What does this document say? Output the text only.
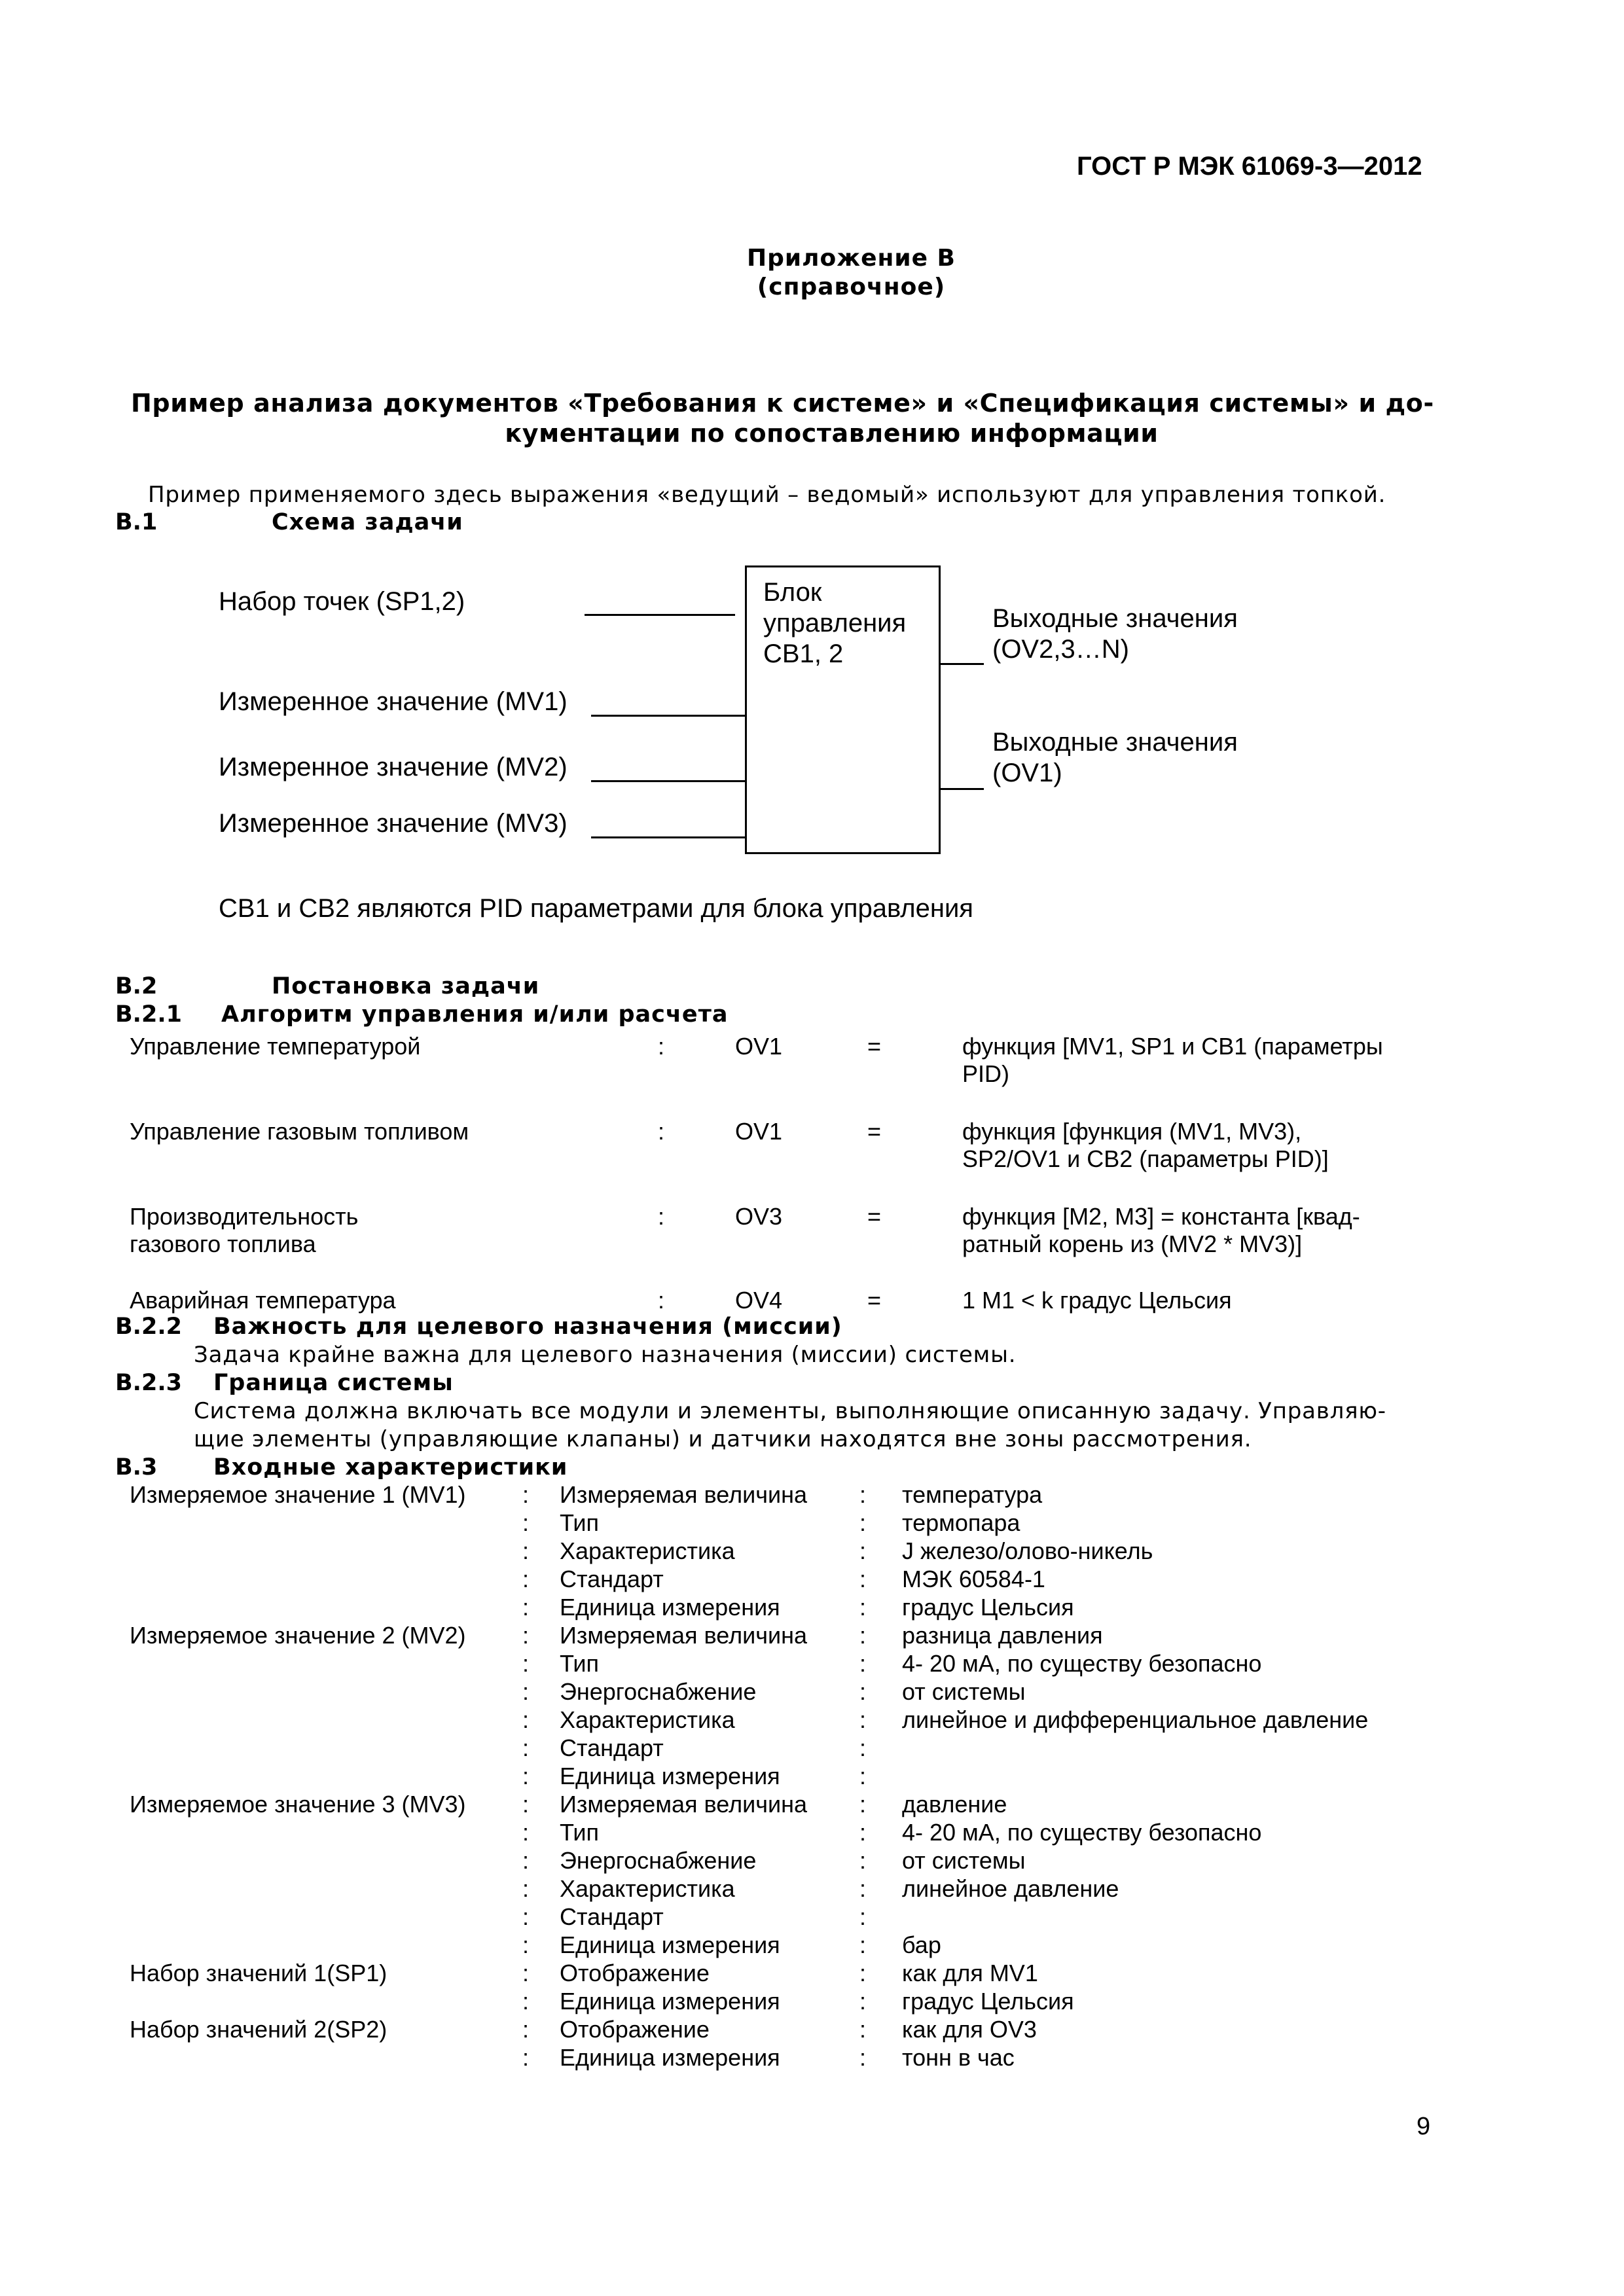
ГОСТ Р МЭК 61069-3—2012
Приложение В
(справочное)
Пример анализа документов «Требования к системе» и «Спецификация системы» и до-
кументации по сопоставлению информации
Пример применяемого здесь выражения «ведущий – ведомый» используют для управления топкой.
В.1	Схема задачи
Набор точек (SP1,2)
Измеренное значение (MV1)
Измеренное значение (MV2)
Измеренное значение (MV3)
Блок
управления
CB1, 2
Выходные значения
(OV2,3…N)
Выходные значения
(OV1)
CB1 и CB2 являются PID параметрами для блока управления
В.2	Постановка задачи
В.2.1 Алгоритм управления и/или расчета
Управление температурой	:	OV1	=	функция [MV1, SP1 и CB1 (параметры
PID)
Управление газовым топливом	:	OV1	=	функция [функция (MV1, MV3),
SP2/OV1 и CB2 (параметры PID)]
Производительность
газового топлива
:	OV3	=	функция [M2, M3] = константа [квад-
ратный корень из (MV2 * MV3)]
Аварийная температура	:	OV4	=	1 M1 < k градус Цельсия
В.2.2 Важность для целевого назначения (миссии)
Задача крайне важна для целевого назначения (миссии) системы.
В.2.3 Граница системы
Система должна включать все модули и элементы, выполняющие описанную задачу. Управляю-
щие элементы (управляющие клапаны) и датчики находятся вне зоны рассмотрения.
В.3 Входные характеристики
Измеряемое значение 1 (MV1) : Измеряемая величина : температура
: Тип	: термопара
: Характеристика	: J железо/олово-никель
: Стандарт	: МЭК 60584-1
: Единица измерения	: градус Цельсия
Измеряемое значение 2 (MV2) : Измеряемая величина : разница давления
: Тип	: 4- 20 мА, по существу безопасно
: Энергоснабжение	: от системы
: Характеристика	: линейное и дифференциальное давление
: Стандарт	:
: Единица измерения	:
Измеряемое значение 3 (MV3) : Измеряемая величина : давление
: Тип	: 4- 20 мА, по существу безопасно
: Энергоснабжение	: от системы
: Характеристика	: линейное давление
: Стандарт	:
: Единица измерения	: бар
Набор значений 1(SP1)	: Отображение	: как для MV1
: Единица измерения	: градус Цельсия
Набор значений 2(SP2)	: Отображение	: как для OV3
: Единица измерения	: тонн в час
9
